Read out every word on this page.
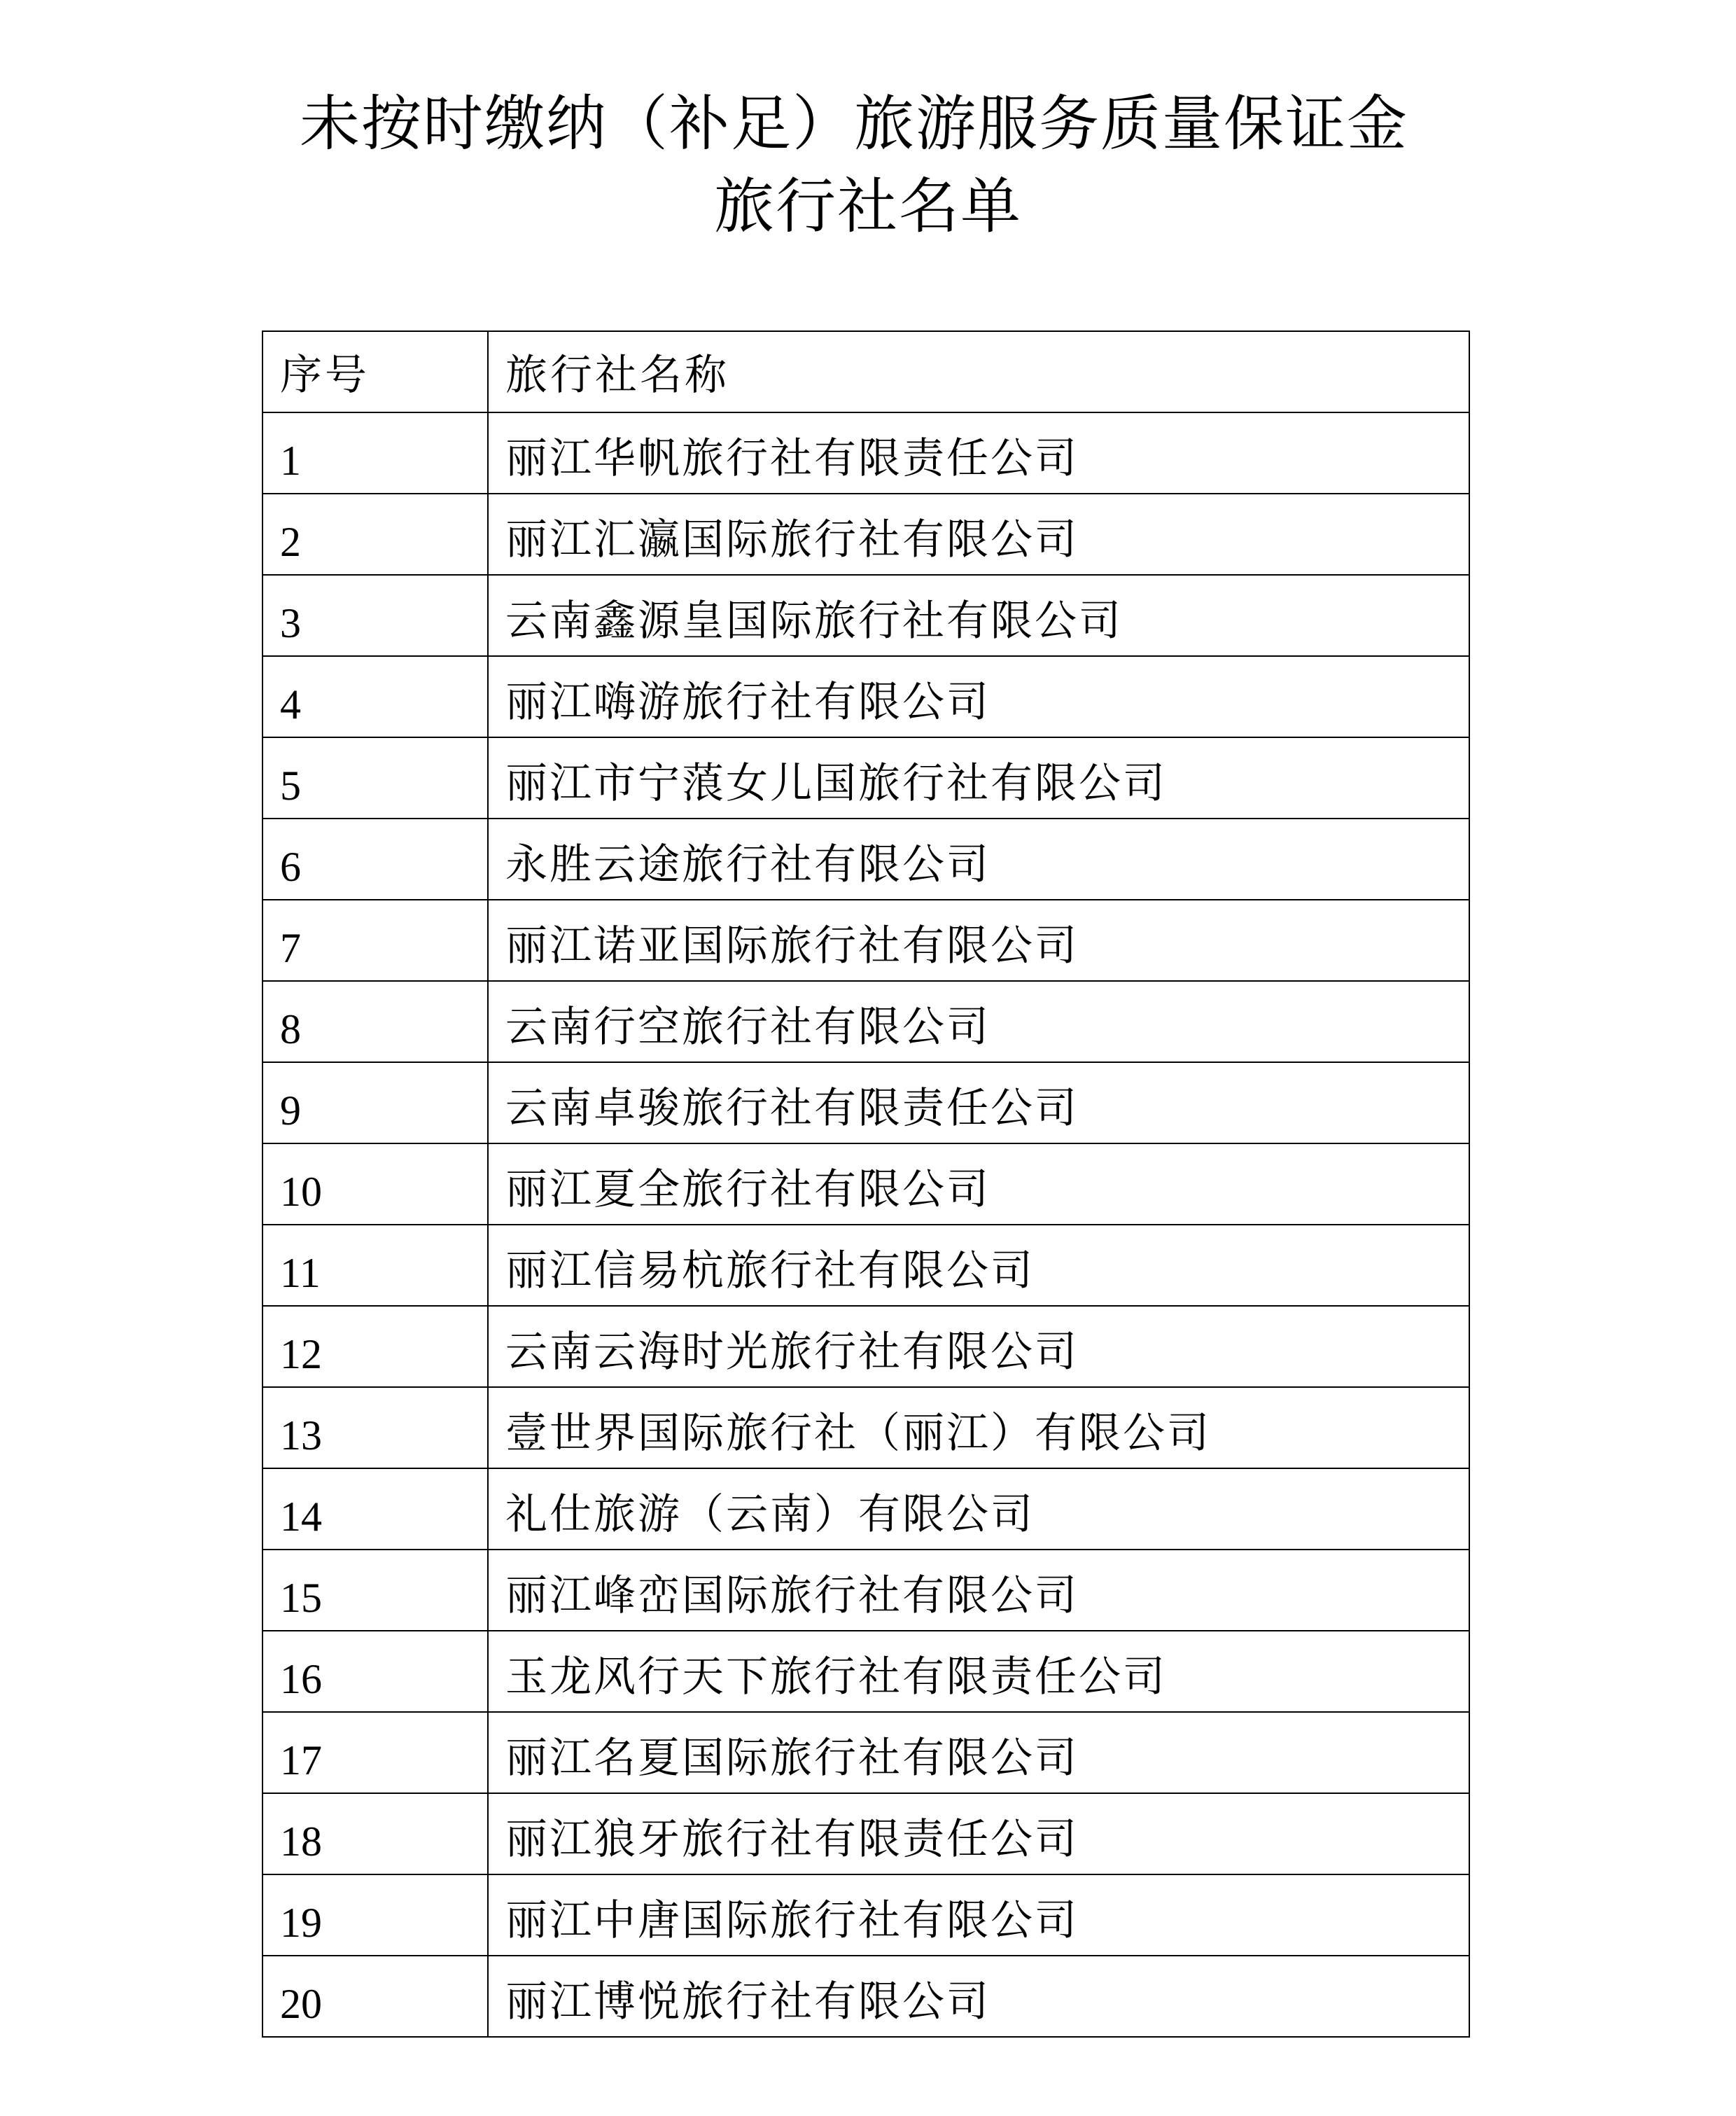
未按时缴纳（补足）旅游服务质量保证金
旅行社名单
序号	旅行社名称
1	丽江华帆旅行社有限责任公司
2	丽江汇瀛国际旅行社有限公司
3	云南鑫源皇国际旅行社有限公司
4	丽江嗨游旅行社有限公司
5	丽江市宁蒗女儿国旅行社有限公司
6	永胜云途旅行社有限公司
7	丽江诺亚国际旅行社有限公司
8	云南行空旅行社有限公司
9	云南卓骏旅行社有限责任公司
10	丽江夏全旅行社有限公司
11	丽江信易杭旅行社有限公司
12	云南云海时光旅行社有限公司
13	壹世界国际旅行社（丽江）有限公司
14	礼仕旅游（云南）有限公司
15	丽江峰峦国际旅行社有限公司
16	玉龙风行天下旅行社有限责任公司
17	丽江名夏国际旅行社有限公司
18	丽江狼牙旅行社有限责任公司
19	丽江中唐国际旅行社有限公司
20	丽江博悦旅行社有限公司
